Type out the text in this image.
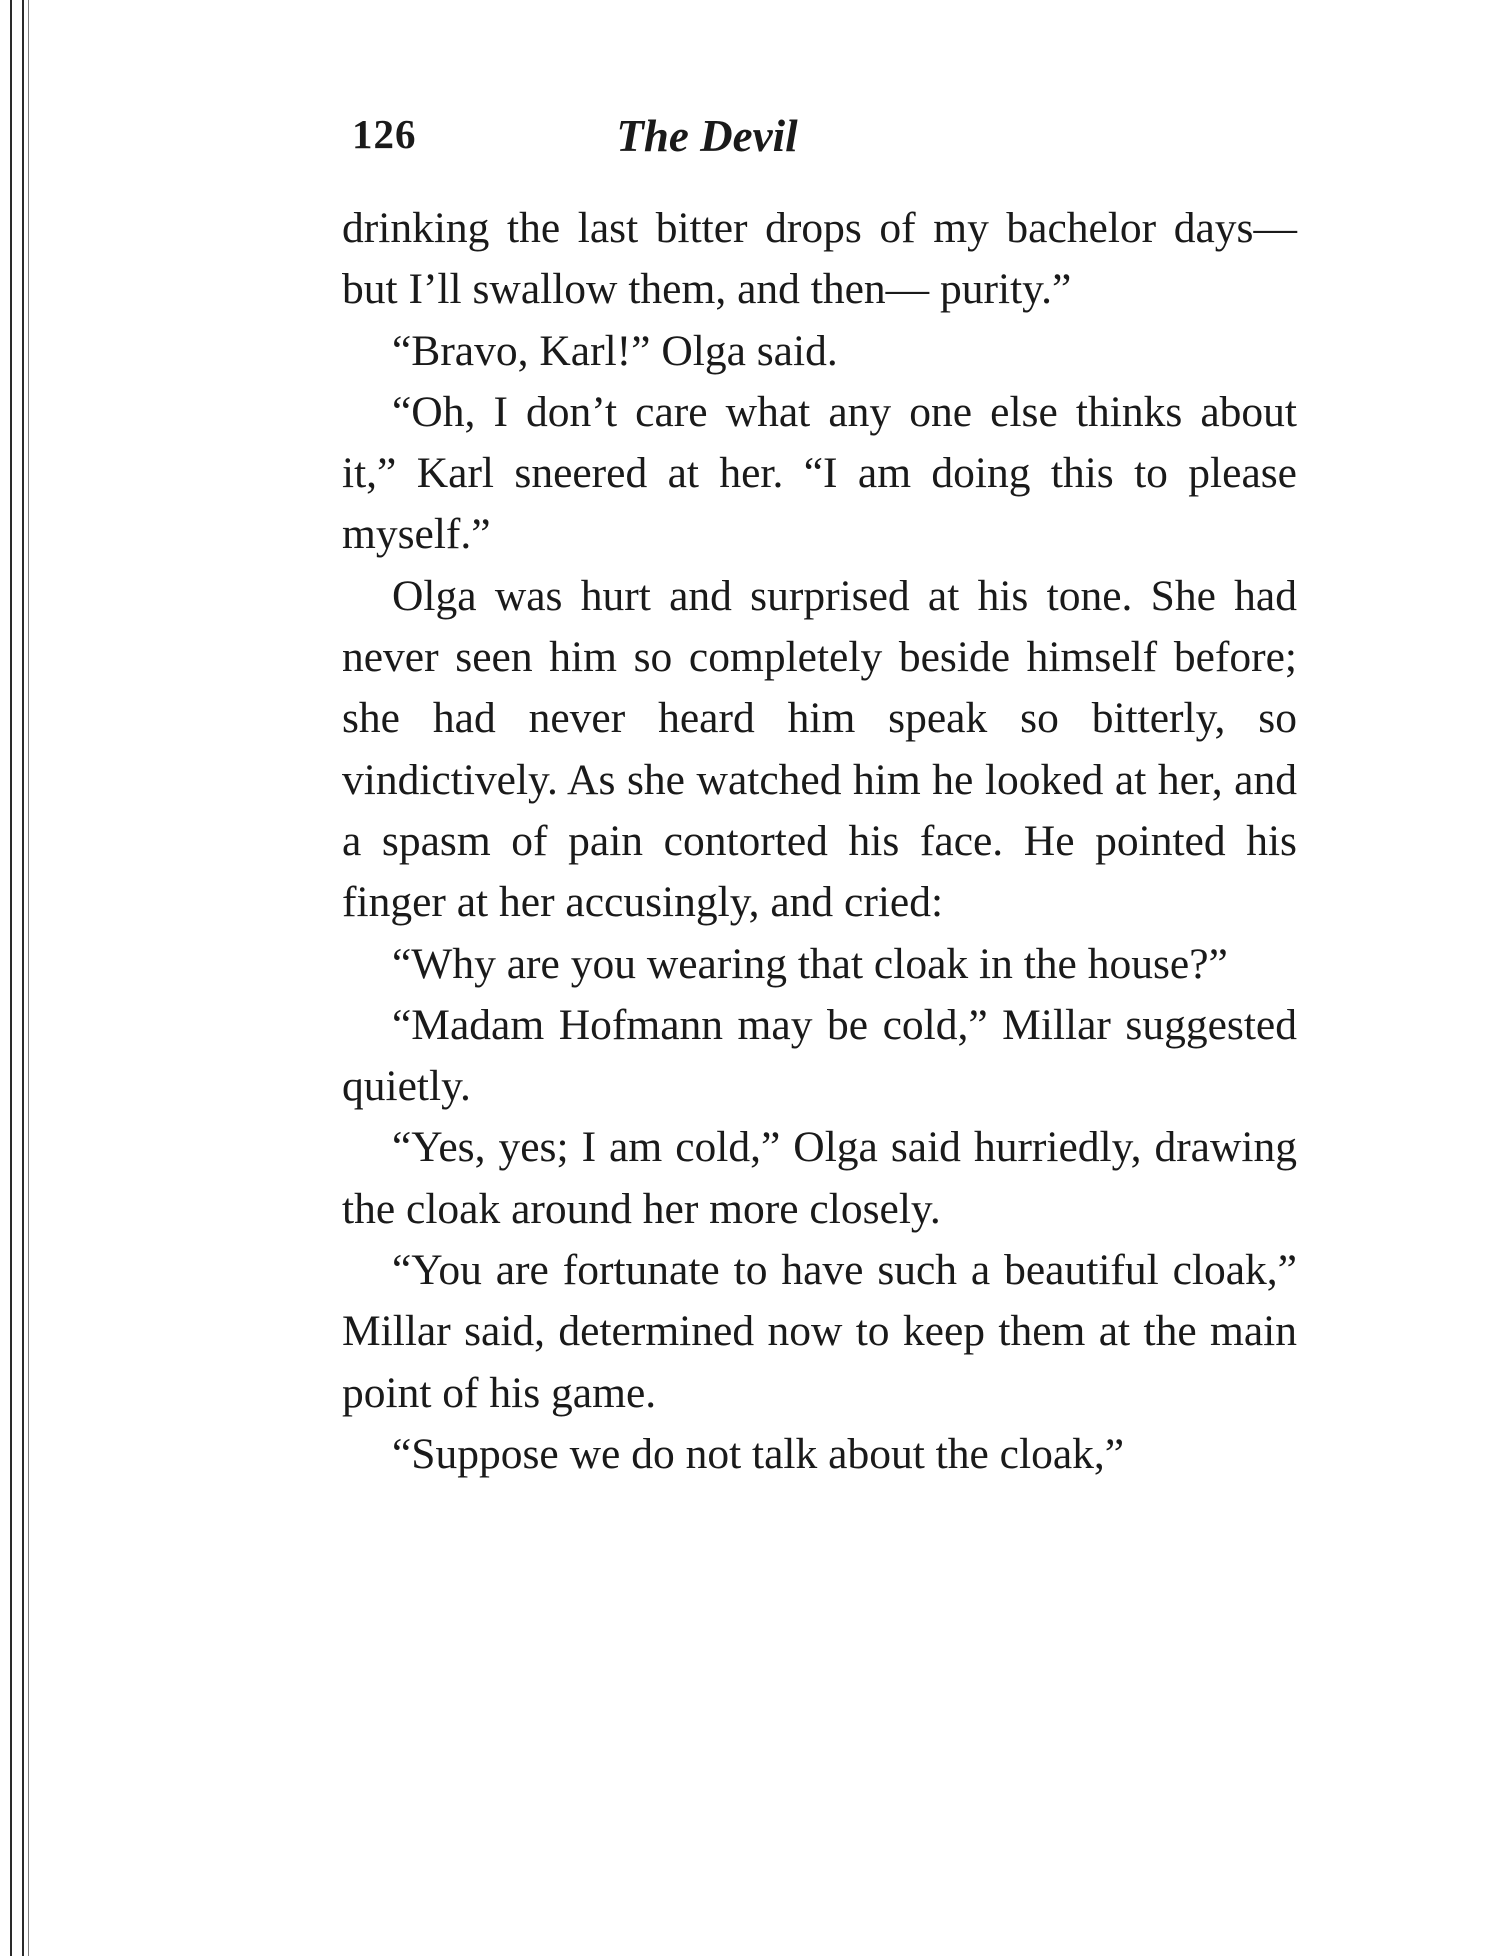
126	The Devil

drinking the last bitter drops of my bachelor days—but I’ll swallow them, and then— purity.”

“Bravo, Karl!” Olga said.

“Oh, I don’t care what any one else thinks about it,” Karl sneered at her. “I am doing this to please myself.”

Olga was hurt and surprised at his tone. She had never seen him so completely beside himself before; she had never heard him speak so bitterly, so vindictively. As she watched him he looked at her, and a spasm of pain contorted his face. He pointed his finger at her accusingly, and cried:

“Why are you wearing that cloak in the house?”

“Madam Hofmann may be cold,” Millar suggested quietly.

“Yes, yes; I am cold,” Olga said hurriedly, drawing the cloak around her more closely.

“You are fortunate to have such a beautiful cloak,” Millar said, determined now to keep them at the main point of his game.

“Suppose we do not talk about the cloak,”
